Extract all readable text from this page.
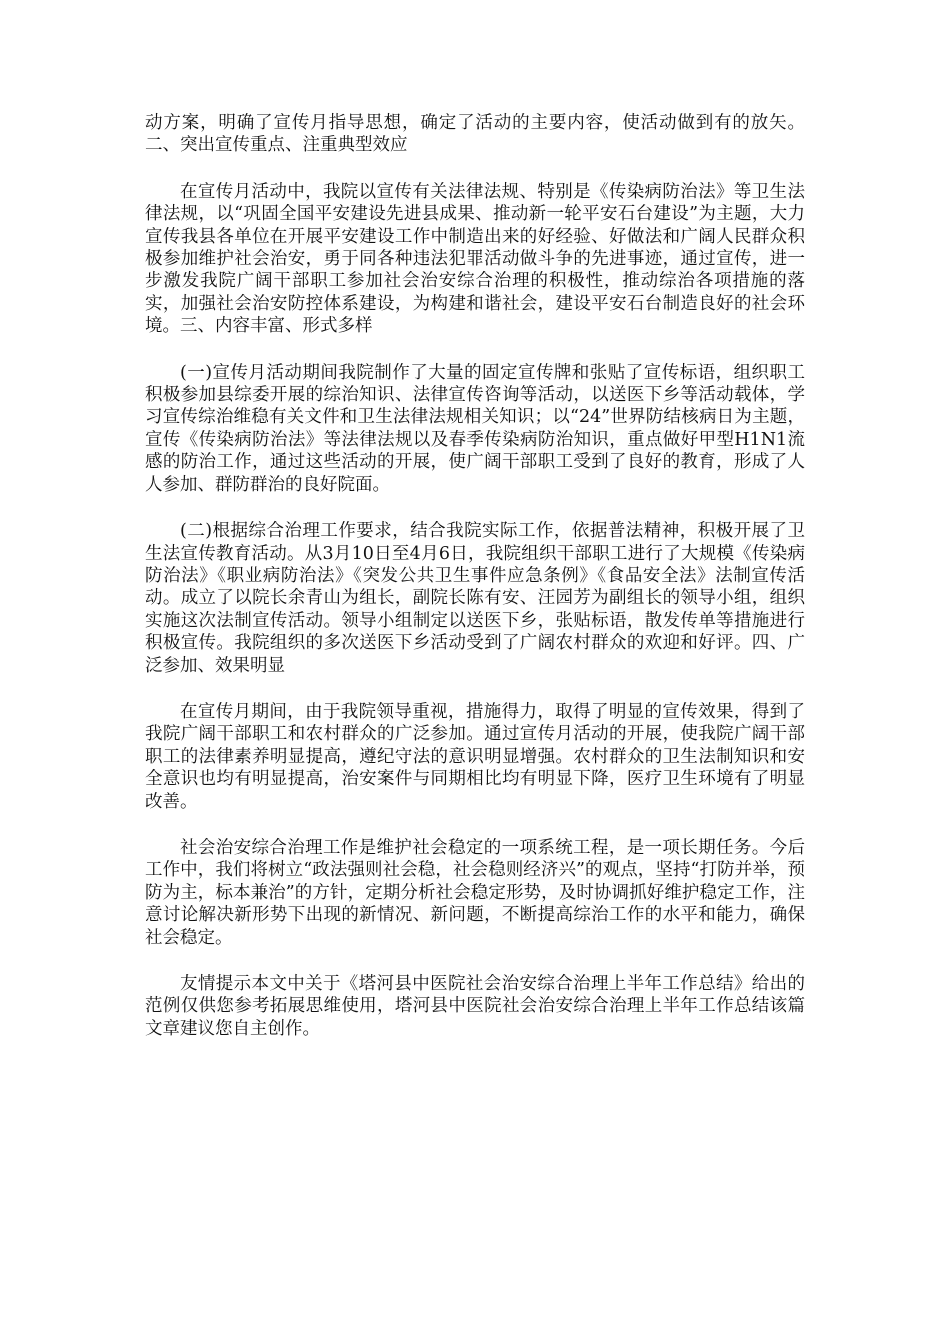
动方案，明确了宣传月指导思想，确定了活动的主要内容，使活动做到有的放矢。二、突出宣传重点、注重典型效应

在宣传月活动中，我院以宣传有关法律法规、特别是《传染病防治法》等卫生法律法规，以“巩固全国平安建设先进县成果、推动新一轮平安石台建设”为主题，大力宣传我县各单位在开展平安建设工作中制造出来的好经验、好做法和广阔人民群众积极参加维护社会治安，勇于同各种违法犯罪活动做斗争的先进事迹，通过宣传，进一步激发我院广阔干部职工参加社会治安综合治理的积极性，推动综治各项措施的落实，加强社会治安防控体系建设，为构建和谐社会，建设平安石台制造良好的社会环境。三、内容丰富、形式多样

(一)宣传月活动期间我院制作了大量的固定宣传牌和张贴了宣传标语，组织职工积极参加县综委开展的综治知识、法律宣传咨询等活动，以送医下乡等活动载体，学习宣传综治维稳有关文件和卫生法律法规相关知识；以“24”世界防结核病日为主题，宣传《传染病防治法》等法律法规以及春季传染病防治知识，重点做好甲型H1N1流感的防治工作，通过这些活动的开展，使广阔干部职工受到了良好的教育，形成了人人参加、群防群治的良好院面。

(二)根据综合治理工作要求，结合我院实际工作，依据普法精神，积极开展了卫生法宣传教育活动。从3月10日至4月6日，我院组织干部职工进行了大规模《传染病防治法》《职业病防治法》《突发公共卫生事件应急条例》《食品安全法》法制宣传活动。成立了以院长余青山为组长，副院长陈有安、汪园芳为副组长的领导小组，组织实施这次法制宣传活动。领导小组制定以送医下乡，张贴标语，散发传单等措施进行积极宣传。我院组织的多次送医下乡活动受到了广阔农村群众的欢迎和好评。四、广泛参加、效果明显

在宣传月期间，由于我院领导重视，措施得力，取得了明显的宣传效果，得到了我院广阔干部职工和农村群众的广泛参加。通过宣传月活动的开展，使我院广阔干部职工的法律素养明显提高，遵纪守法的意识明显增强。农村群众的卫生法制知识和安全意识也均有明显提高，治安案件与同期相比均有明显下降，医疗卫生环境有了明显改善。

社会治安综合治理工作是维护社会稳定的一项系统工程，是一项长期任务。今后工作中，我们将树立“政法强则社会稳，社会稳则经济兴”的观点，坚持“打防并举，预防为主，标本兼治”的方针，定期分析社会稳定形势，及时协调抓好维护稳定工作，注意讨论解决新形势下出现的新情况、新问题，不断提高综治工作的水平和能力，确保社会稳定。

友情提示本文中关于《塔河县中医院社会治安综合治理上半年工作总结》给出的范例仅供您参考拓展思维使用，塔河县中医院社会治安综合治理上半年工作总结该篇文章建议您自主创作。
